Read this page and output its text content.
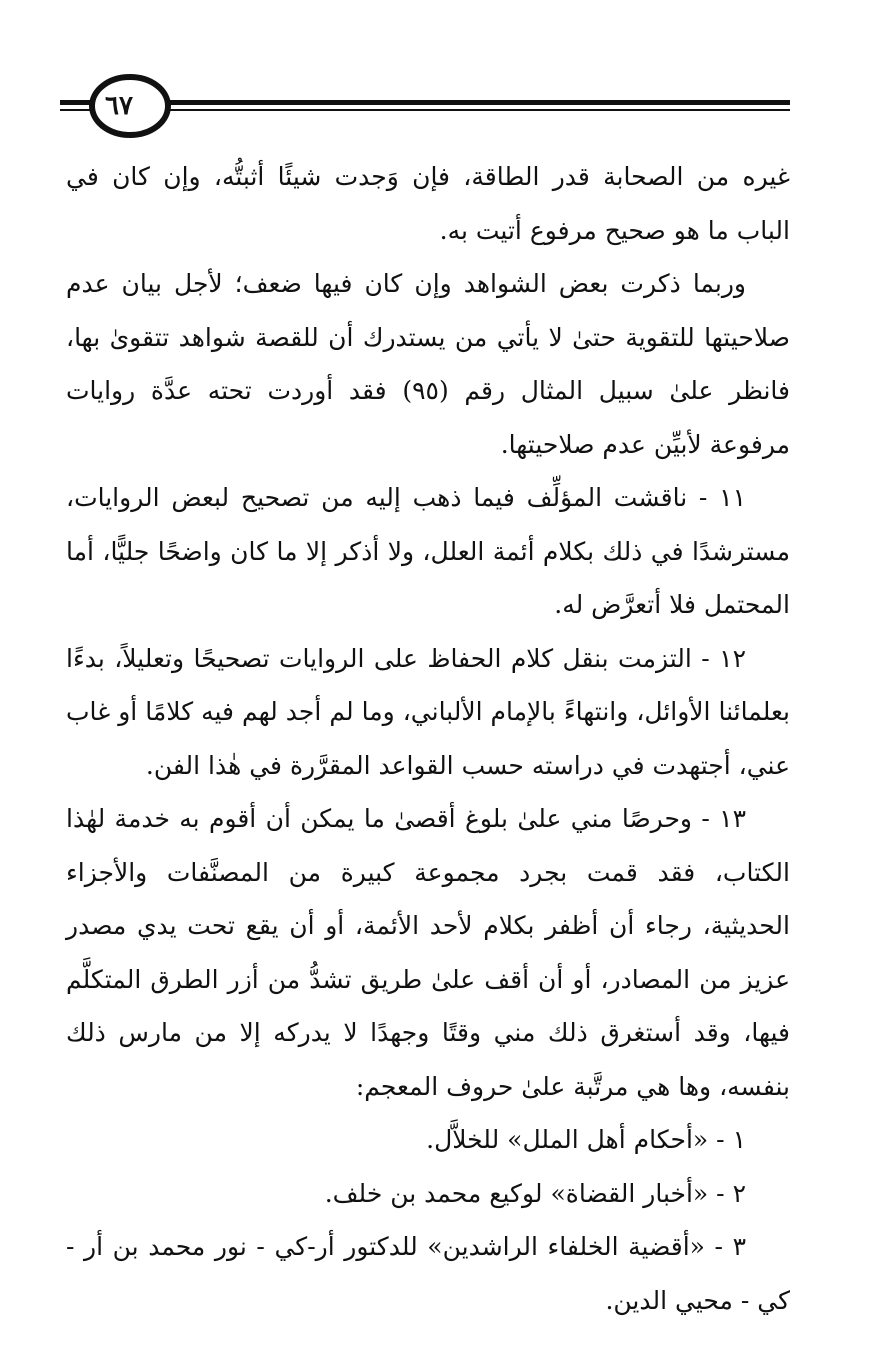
٦٧

غيره من الصحابة قدر الطاقة، فإن وَجدت شيئًا أثبتُّه، وإن كان في الباب ما هو صحيح مرفوع أتيت به.

وربما ذكرت بعض الشواهد وإن كان فيها ضعف؛ لأجل بيان عدم صلاحيتها للتقوية حتىٰ لا يأتي من يستدرك أن للقصة شواهد تتقوىٰ بها، فانظر علىٰ سبيل المثال رقم (٩٥) فقد أوردت تحته عدَّة روايات مرفوعة لأبيِّن عدم صلاحيتها.

١١ - ناقشت المؤلِّف فيما ذهب إليه من تصحيح لبعض الروايات، مسترشدًا في ذلك بكلام أئمة العلل، ولا أذكر إلا ما كان واضحًا جليًّا، أما المحتمل فلا أتعرَّض له.

١٢ - التزمت بنقل كلام الحفاظ على الروايات تصحيحًا وتعليلاً، بدءًا بعلمائنا الأوائل، وانتهاءً بالإمام الألباني، وما لم أجد لهم فيه كلامًا أو غاب عني، أجتهدت في دراسته حسب القواعد المقرَّرة في هٰذا الفن.

١٣ - وحرصًا مني علىٰ بلوغ أقصىٰ ما يمكن أن أقوم به خدمة لهٰذا الكتاب، فقد قمت بجرد مجموعة كبيرة من المصنَّفات والأجزاء الحديثية، رجاء أن أظفر بكلام لأحد الأئمة، أو أن يقع تحت يدي مصدر عزيز من المصادر، أو أن أقف علىٰ طريق تشدُّ من أزر الطرق المتكلَّم فيها، وقد أستغرق ذلك مني وقتًا وجهدًا لا يدركه إلا من مارس ذلك بنفسه، وها هي مرتَّبة علىٰ حروف المعجم:

١ - «أحكام أهل الملل» للخلاَّل.

٢ - «أخبار القضاة» لوكيع محمد بن خلف.

٣ - «أقضية الخلفاء الراشدين» للدكتور أر-كي - نور محمد بن أر - كي - محيي الدين.
